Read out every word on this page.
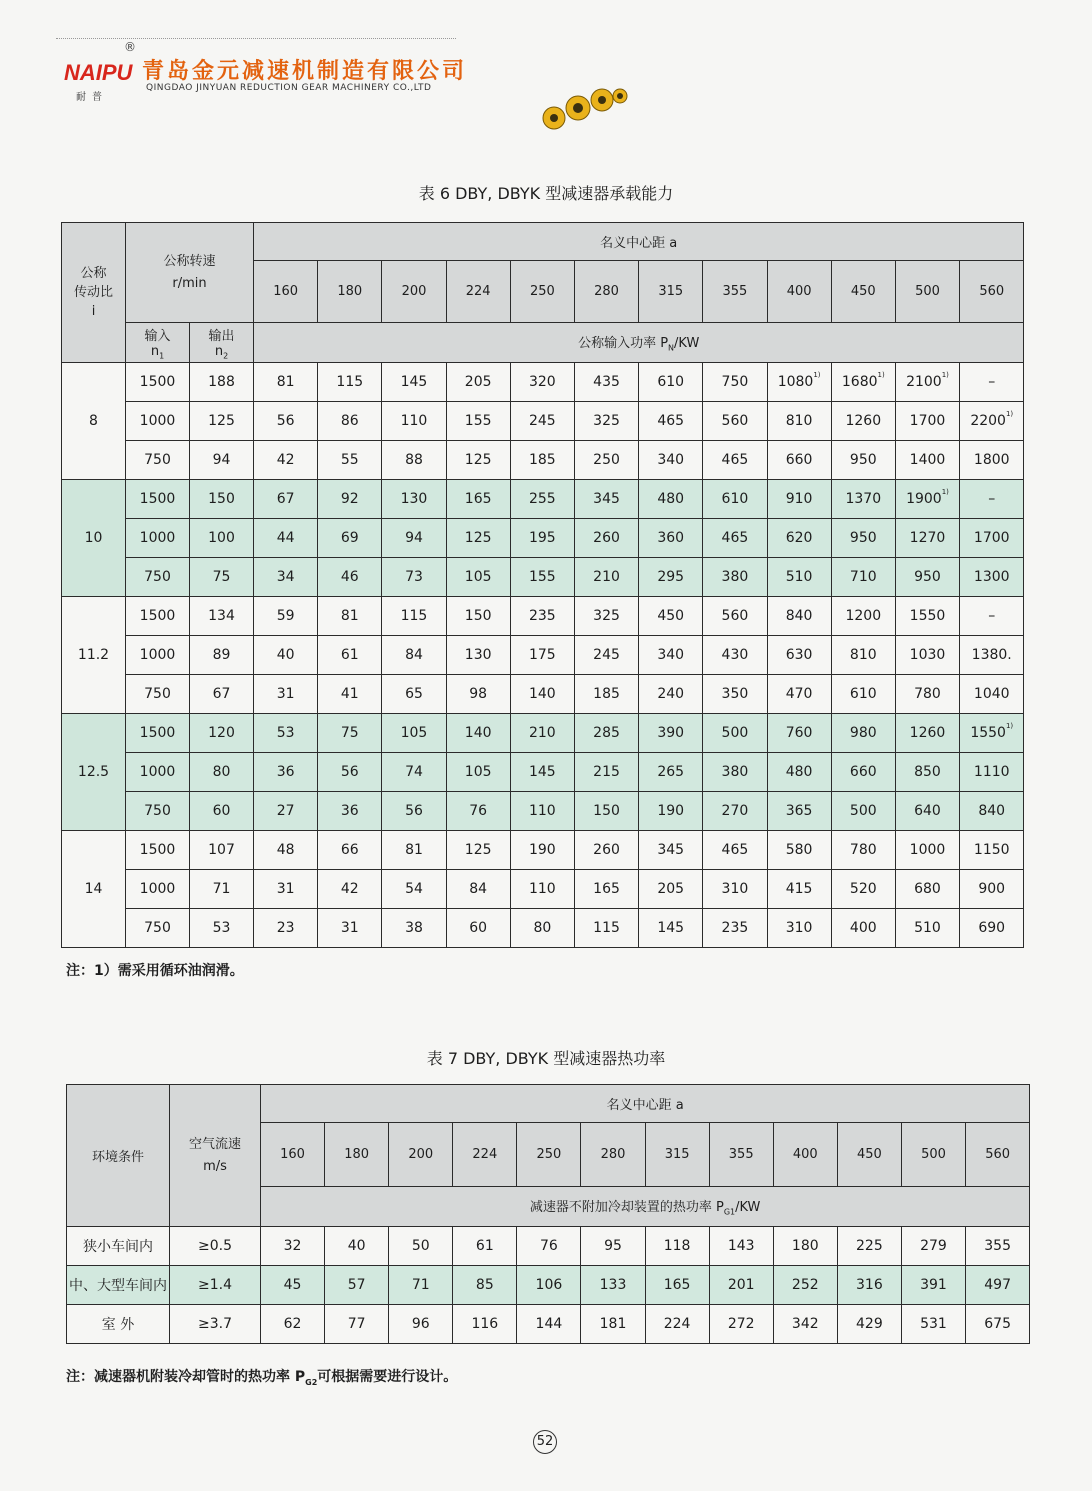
NAIPU
®
耐普
青岛金元减速机制造有限公司
QINGDAO JINYUAN REDUCTION GEAR MACHINERY CO.,LTD
表 6 DBY, DBYK 型减速器承载能力
公称
传动比
i	公称转速
r/min		名义中心距 a											
			160	180	200	224	250	280	315	355	400	450	500	560
	输入
$n_1$	输出
$n_2$	公称输入功率 $P_N/KW$											
8	1500	188	81	115	145	205	320	435	610	750	1080$^{1)}$	1680$^{1)}$	2100$^{1)}$	–
	1000	125	56	86	110	155	245	325	465	560	810	1260	1700	2200$^{1)}$
	750	94	42	55	88	125	185	250	340	465	660	950	1400	1800
10	1500	150	67	92	130	165	255	345	480	610	910	1370	1900$^{1)}$	–
	1000	100	44	69	94	125	195	260	360	465	620	950	1270	1700
	750	75	34	46	73	105	155	210	295	380	510	710	950	1300
11.2	1500	134	59	81	115	150	235	325	450	560	840	1200	1550	–
	1000	89	40	61	84	130	175	245	340	430	630	810	1030	1380.
	750	67	31	41	65	98	140	185	240	350	470	610	780	1040
12.5	1500	120	53	75	105	140	210	285	390	500	760	980	1260	1550$^{1)}$
	1000	80	36	56	74	105	145	215	265	380	480	660	850	1110
	750	60	27	36	56	76	110	150	190	270	365	500	640	840
14	1500	107	48	66	81	125	190	260	345	465	580	780	1000	1150
	1000	71	31	42	54	84	110	165	205	310	415	520	680	900
	750	53	23	31	38	60	80	115	145	235	310	400	510	690
注：1）需采用循环油润滑。
表 7 DBY, DBYK 型减速器热功率
环境条件	空气流速
m/s	名义中心距 a											
		160	180	200	224	250	280	315	355	400	450	500	560
		减速器不附加冷却装置的热功率 $P_{G1}/KW$											
狭小车间内	≥0.5	32	40	50	61	76	95	118	143	180	225	279	355
中、大型车间内	≥1.4	45	57	71	85	106	133	165	201	252	316	391	497
室 外	≥3.7	62	77	96	116	144	181	224	272	342	429	531	675
注：减速器机附装冷却管时的热功率 $P_{G2}$可根据需要进行设计。
52
